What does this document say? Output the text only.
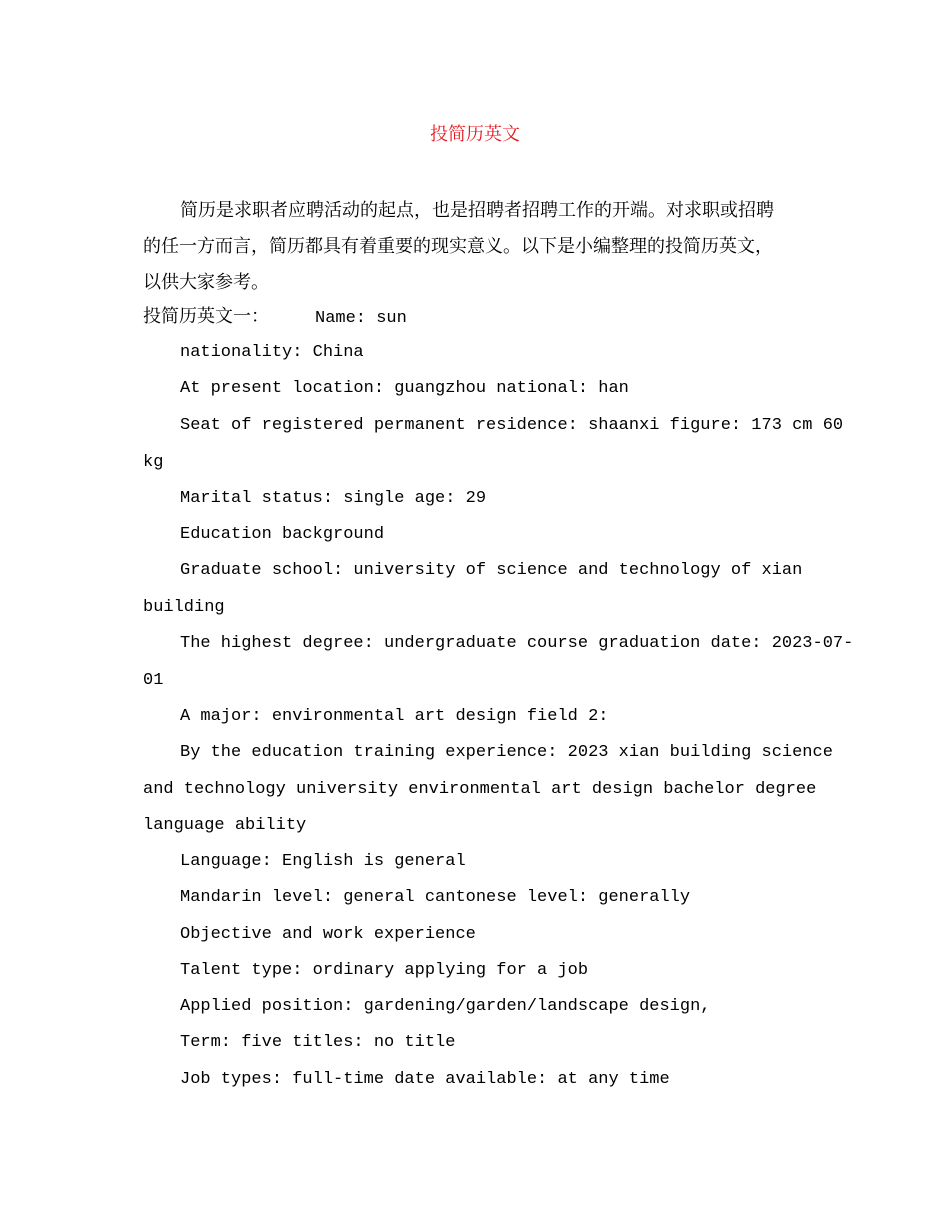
投简历英文
简历是求职者应聘活动的起点，也是招聘者招聘工作的开端。对求职或招聘
的任一方而言，简历都具有着重要的现实意义。以下是小编整理的投简历英文，
以供大家参考。
投简历英文一：	Name: sun
nationality: China
At present location: guangzhou national: han
Seat of registered permanent residence: shaanxi figure: 173 cm 60
kg
Marital status: single age: 29
Education background
Graduate school: university of science and technology of xian
building
The highest degree: undergraduate course graduation date: 2023-07-
01
A major: environmental art design field 2:
By the education training experience: 2023 xian building science
and technology university environmental art design bachelor degree
language ability
Language: English is general
Mandarin level: general cantonese level: generally
Objective and work experience
Talent type: ordinary applying for a job
Applied position: gardening/garden/landscape design,
Term: five titles: no title
Job types: full-time date available: at any time
